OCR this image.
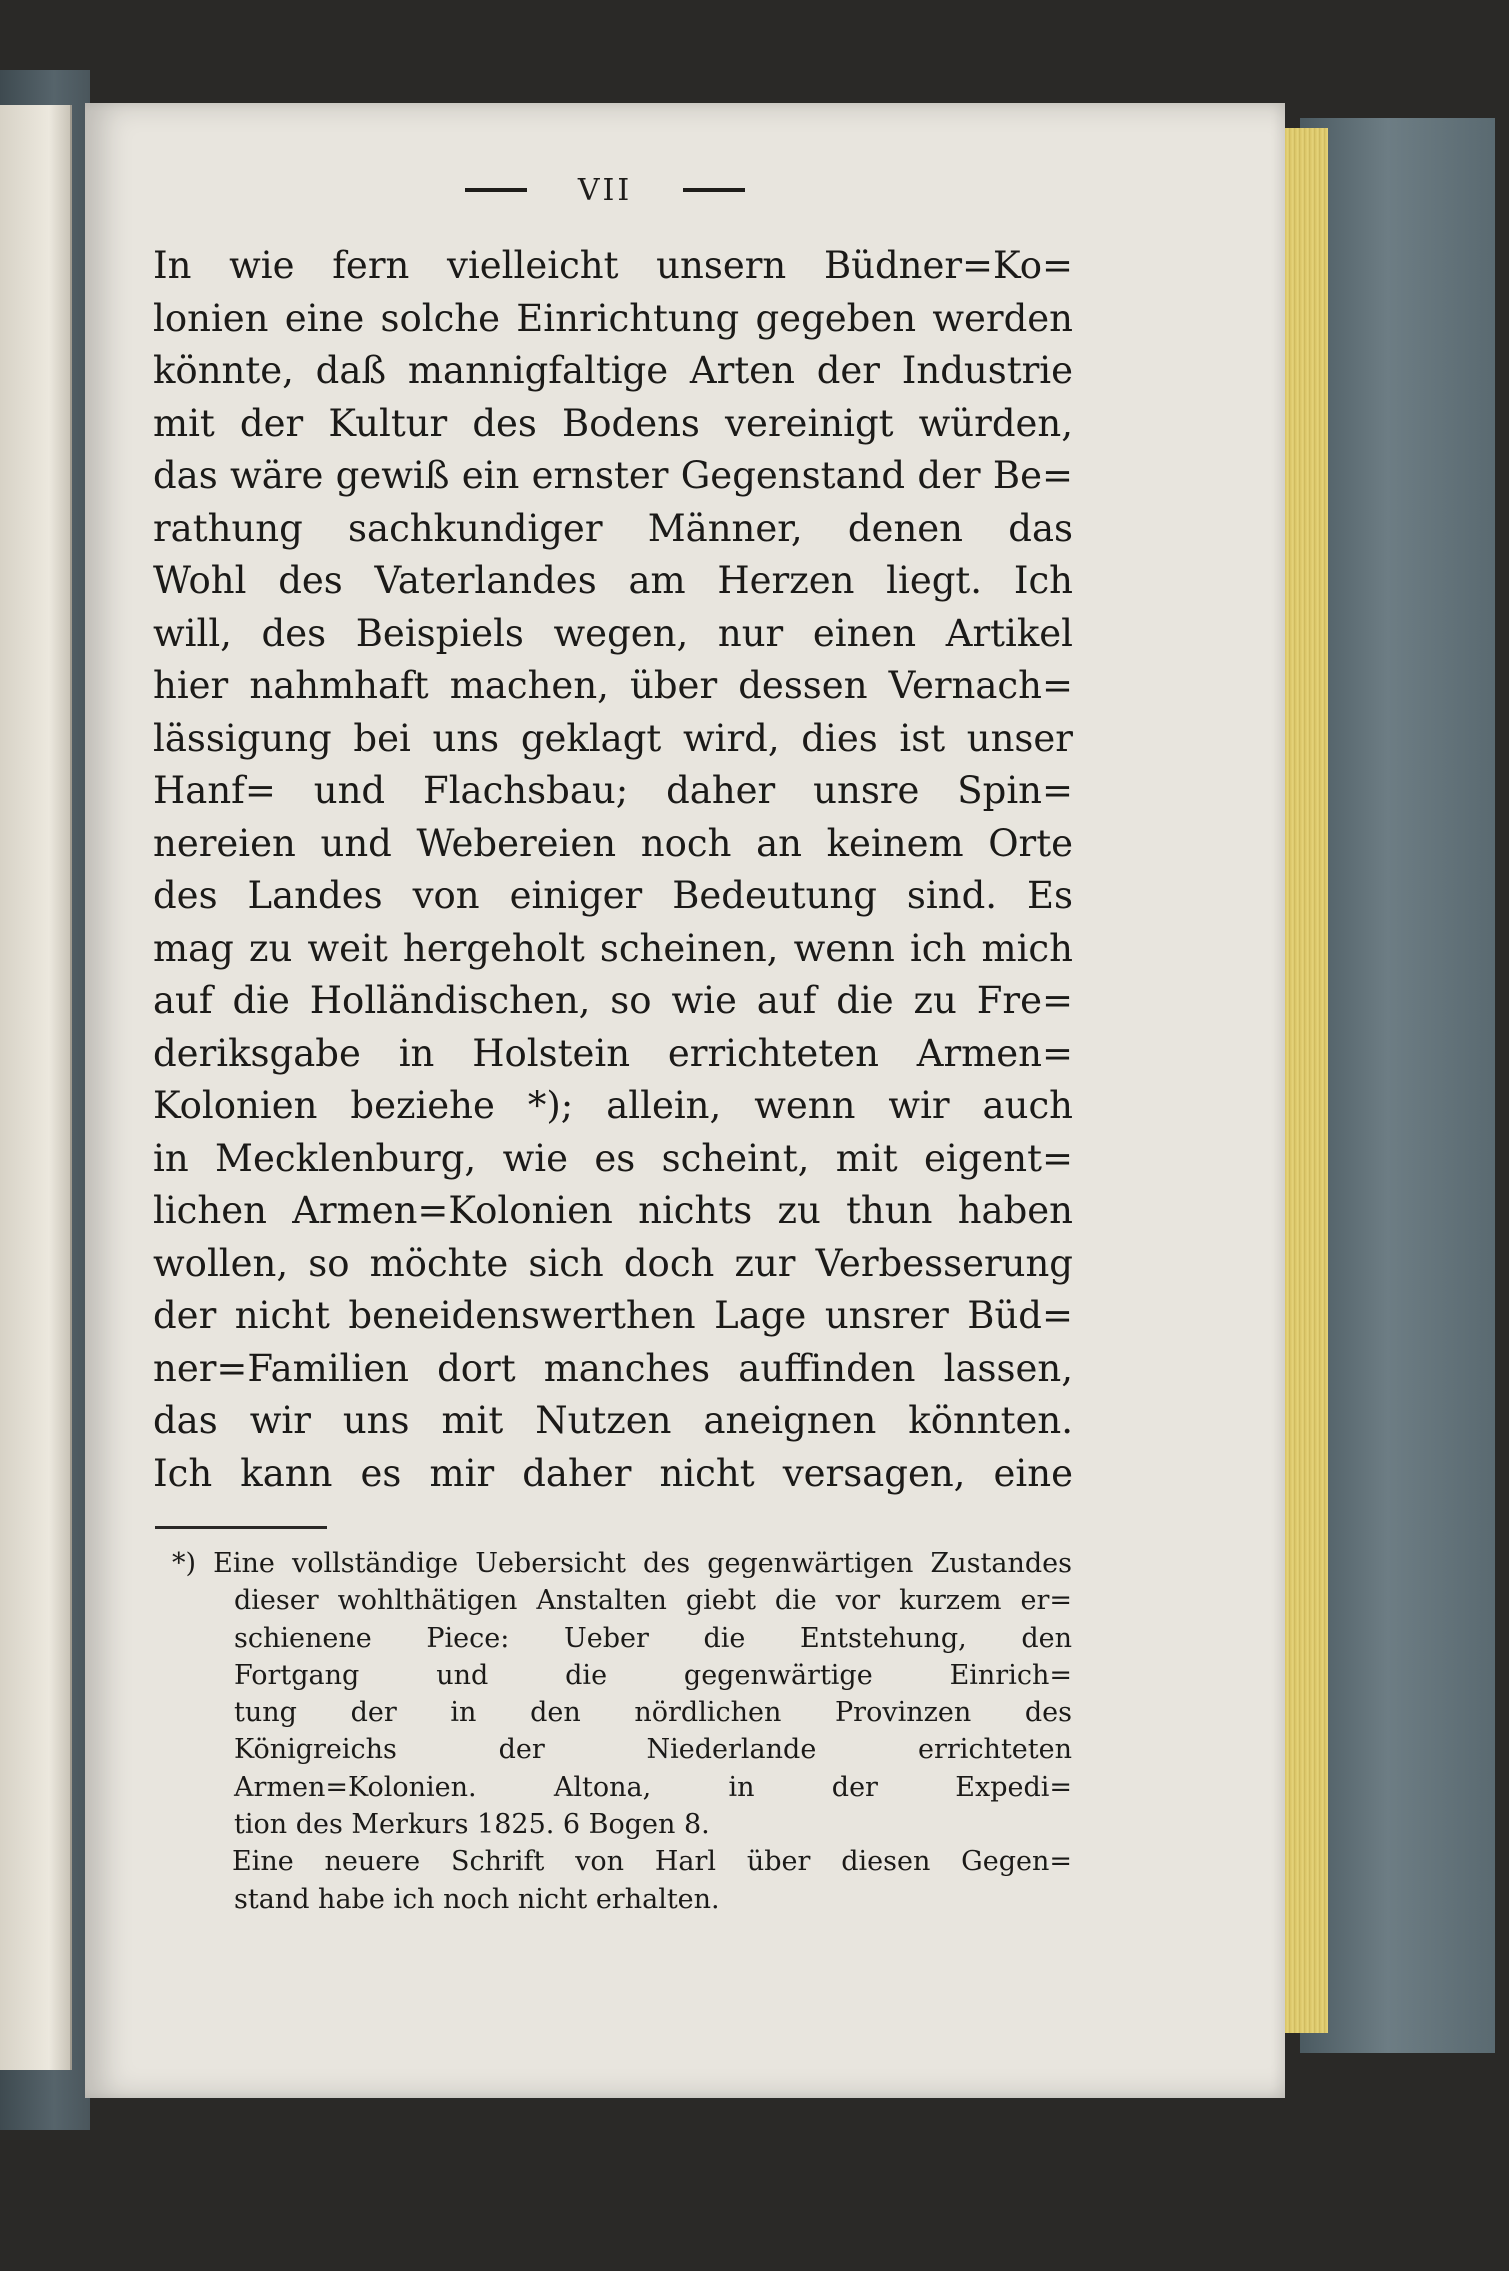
VII
In wie fern vielleicht unsern Büdner=Ko=
lonien eine solche Einrichtung gegeben werden
könnte, daß mannigfaltige Arten der Industrie
mit der Kultur des Bodens vereinigt würden,
das wäre gewiß ein ernster Gegenstand der Be=
rathung sachkundiger Männer, denen das
Wohl des Vaterlandes am Herzen liegt. Ich
will, des Beispiels wegen, nur einen Artikel
hier nahmhaft machen, über dessen Vernach=
lässigung bei uns geklagt wird, dies ist unser
Hanf= und Flachsbau; daher unsre Spin=
nereien und Webereien noch an keinem Orte
des Landes von einiger Bedeutung sind. Es
mag zu weit hergeholt scheinen, wenn ich mich
auf die Holländischen, so wie auf die zu Fre=
deriksgabe in Holstein errichteten Armen=
Kolonien beziehe *); allein, wenn wir auch
in Mecklenburg, wie es scheint, mit eigent=
lichen Armen=Kolonien nichts zu thun haben
wollen, so möchte sich doch zur Verbesserung
der nicht beneidenswerthen Lage unsrer Büd=
ner=Familien dort manches auffinden lassen,
das wir uns mit Nutzen aneignen könnten.
Ich kann es mir daher nicht versagen, eine
*) Eine vollständige Uebersicht des gegenwärtigen Zustandes
dieser wohlthätigen Anstalten giebt die vor kurzem er=
schienene Piece: Ueber die Entstehung, den
Fortgang und die gegenwärtige Einrich=
tung der in den nördlichen Provinzen des
Königreichs der Niederlande errichteten
Armen=Kolonien. Altona, in der Expedi=
tion des Merkurs 1825. 6 Bogen 8.
Eine neuere Schrift von Harl über diesen Gegen=
stand habe ich noch nicht erhalten.
